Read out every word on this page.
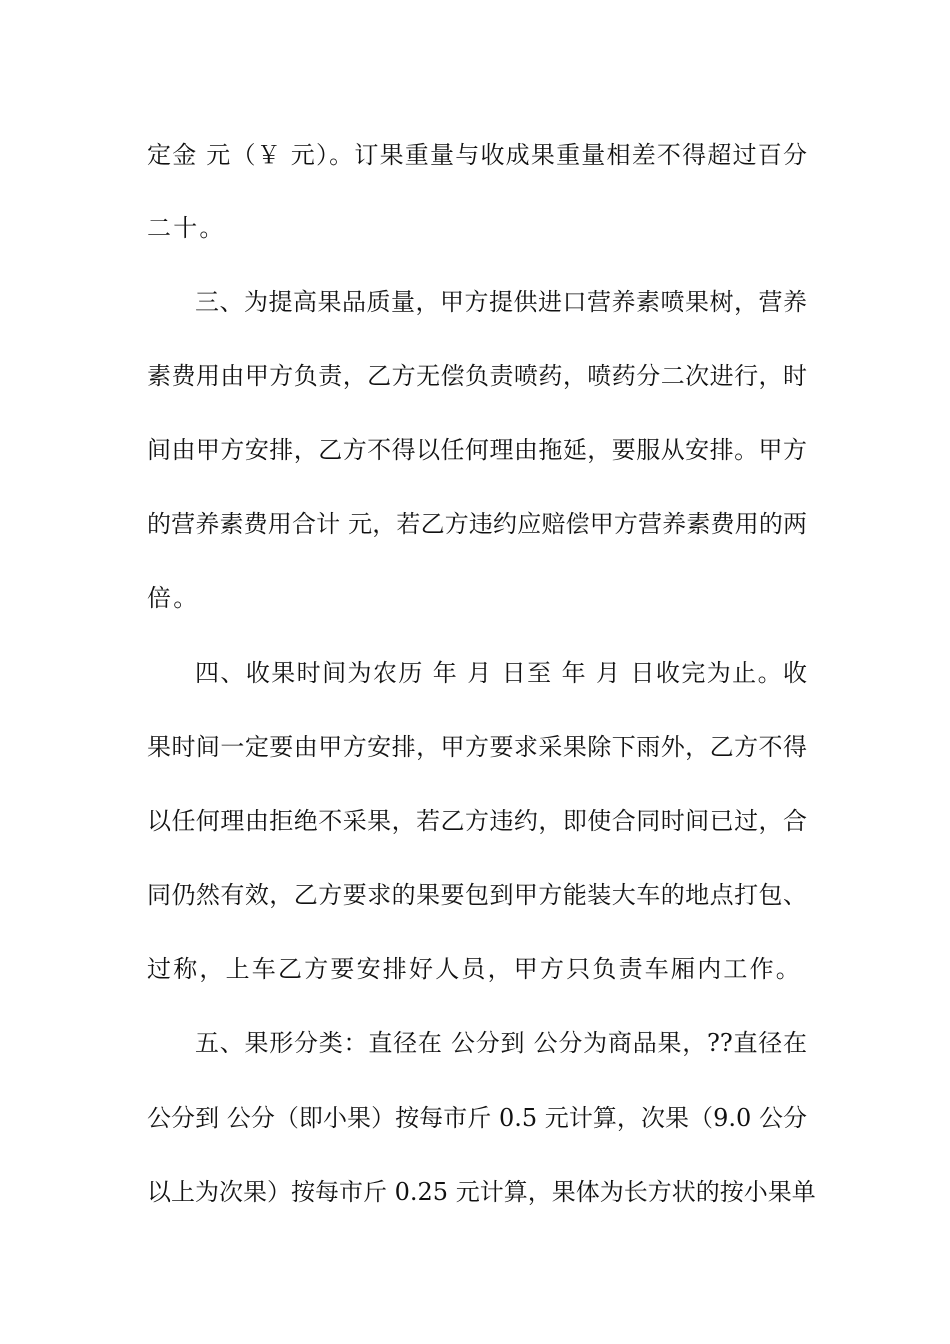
定金 元（￥ 元）。订果重量与收成果重量相差不得超过百分
二十。
三、为提高果品质量，甲方提供进口营养素喷果树，营养
素费用由甲方负责，乙方无偿负责喷药，喷药分二次进行，时
间由甲方安排，乙方不得以任何理由拖延，要服从安排。甲方
的营养素费用合计 元，若乙方违约应赔偿甲方营养素费用的两
倍。
四、收果时间为农历 年 月 日至 年 月 日收完为止。收
果时间一定要由甲方安排，甲方要求采果除下雨外，乙方不得
以任何理由拒绝不采果，若乙方违约，即使合同时间已过，合
同仍然有效，乙方要求的果要包到甲方能装大车的地点打包、
过称，上车乙方要安排好人员，甲方只负责车厢内工作。
五、果形分类：直径在 公分到 公分为商品果，??直径在
公分到 公分（即小果）按每市斤 0.5 元计算，次果（9.0 公分
以上为次果）按每市斤 0.25 元计算，果体为长方状的按小果单
